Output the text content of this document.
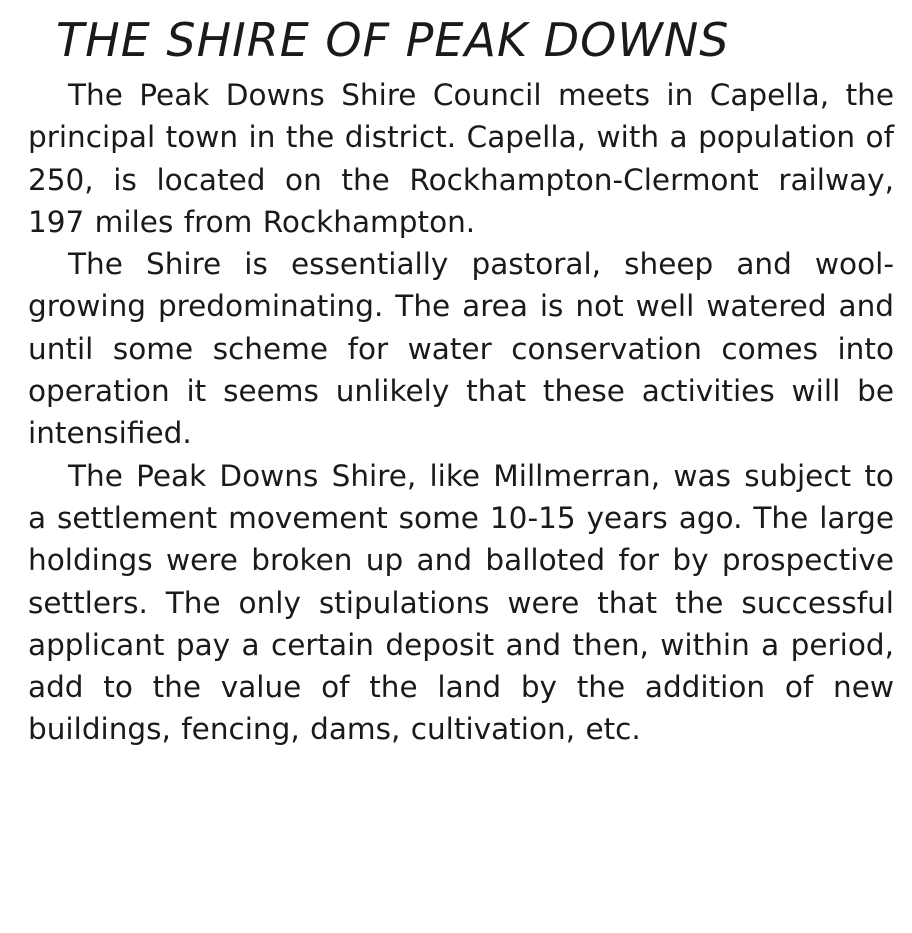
THE SHIRE OF PEAK DOWNS

The Peak Downs Shire Council meets in Capella, the principal town in the district. Capella, with a population of 250, is located on the Rockhampton-Clermont railway, 197 miles from Rockhampton.

The Shire is essentially pastoral, sheep and wool-growing predominating. The area is not well watered and until some scheme for water conservation comes into operation it seems unlikely that these activities will be intensified.

The Peak Downs Shire, like Millmerran, was subject to a settlement movement some 10-15 years ago. The large holdings were broken up and balloted for by prospective settlers. The only stipulations were that the successful applicant pay a certain deposit and then, within a period, add to the value of the land by the addition of new buildings, fencing, dams, cultivation, etc.
